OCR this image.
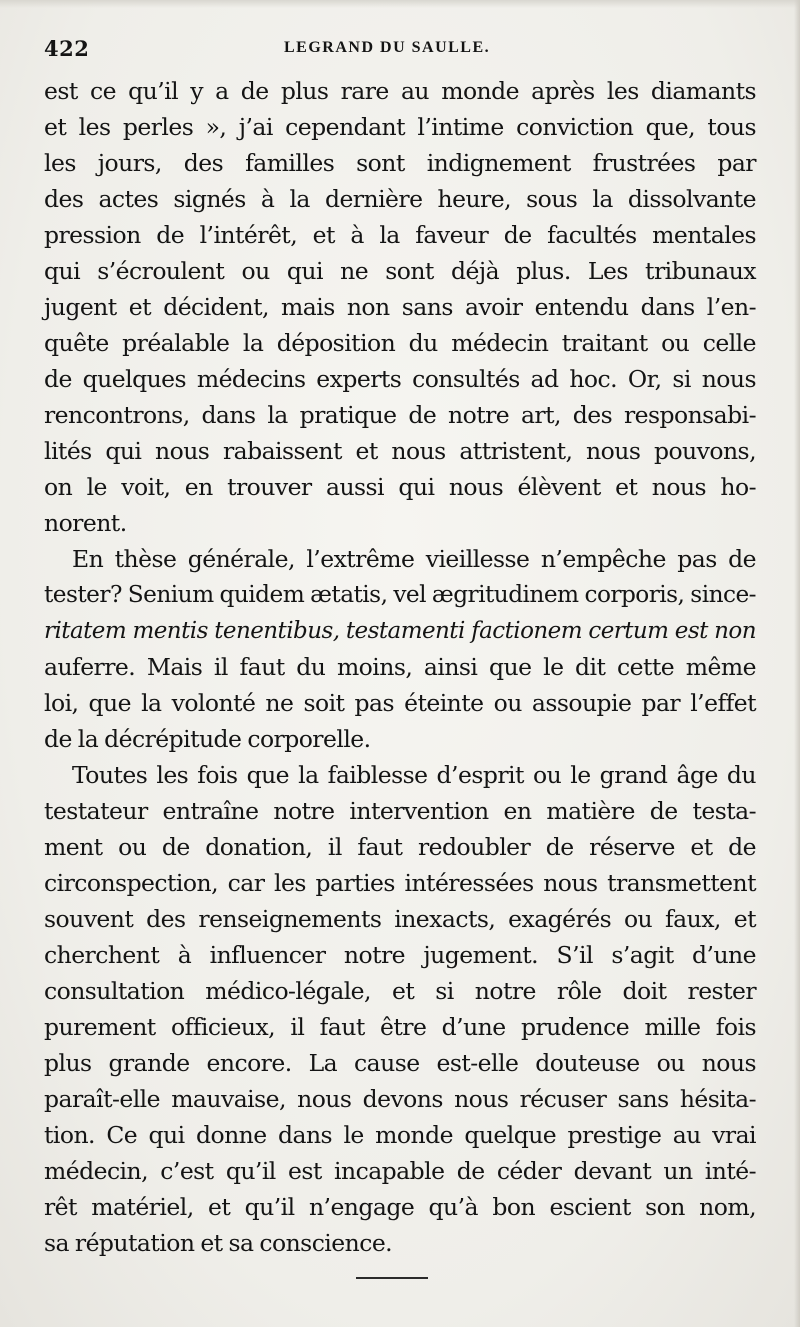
422	LEGRAND DU SAULLE.
est ce qu’il y a de plus rare au monde après les diamants
et les perles », j’ai cependant l’intime conviction que, tous
les jours, des familles sont indignement frustrées par
des actes signés à la dernière heure, sous la dissolvante
pression de l’intérêt, et à la faveur de facultés mentales
qui s’écroulent ou qui ne sont déjà plus. Les tribunaux
jugent et décident, mais non sans avoir entendu dans l’en-
quête préalable la déposition du médecin traitant ou celle
de quelques médecins experts consultés ad hoc. Or, si nous
rencontrons, dans la pratique de notre art, des responsabi-
lités qui nous rabaissent et nous attristent, nous pouvons,
on le voit, en trouver aussi qui nous élèvent et nous ho-
norent.
En thèse générale, l’extrême vieillesse n’empêche pas de
tester? Senium quidem ætatis, vel ægritudinem corporis, since-
ritatem mentis tenentibus, testamenti factionem certum est non
auferre. Mais il faut du moins, ainsi que le dit cette même
loi, que la volonté ne soit pas éteinte ou assoupie par l’effet
de la décrépitude corporelle.
Toutes les fois que la faiblesse d’esprit ou le grand âge du
testateur entraîne notre intervention en matière de testa-
ment ou de donation, il faut redoubler de réserve et de
circonspection, car les parties intéressées nous transmettent
souvent des renseignements inexacts, exagérés ou faux, et
cherchent à influencer notre jugement. S’il s’agit d’une
consultation médico-légale, et si notre rôle doit rester
purement officieux, il faut être d’une prudence mille fois
plus grande encore. La cause est-elle douteuse ou nous
paraît-elle mauvaise, nous devons nous récuser sans hésita-
tion. Ce qui donne dans le monde quelque prestige au vrai
médecin, c’est qu’il est incapable de céder devant un inté-
rêt matériel, et qu’il n’engage qu’à bon escient son nom,
sa réputation et sa conscience.
